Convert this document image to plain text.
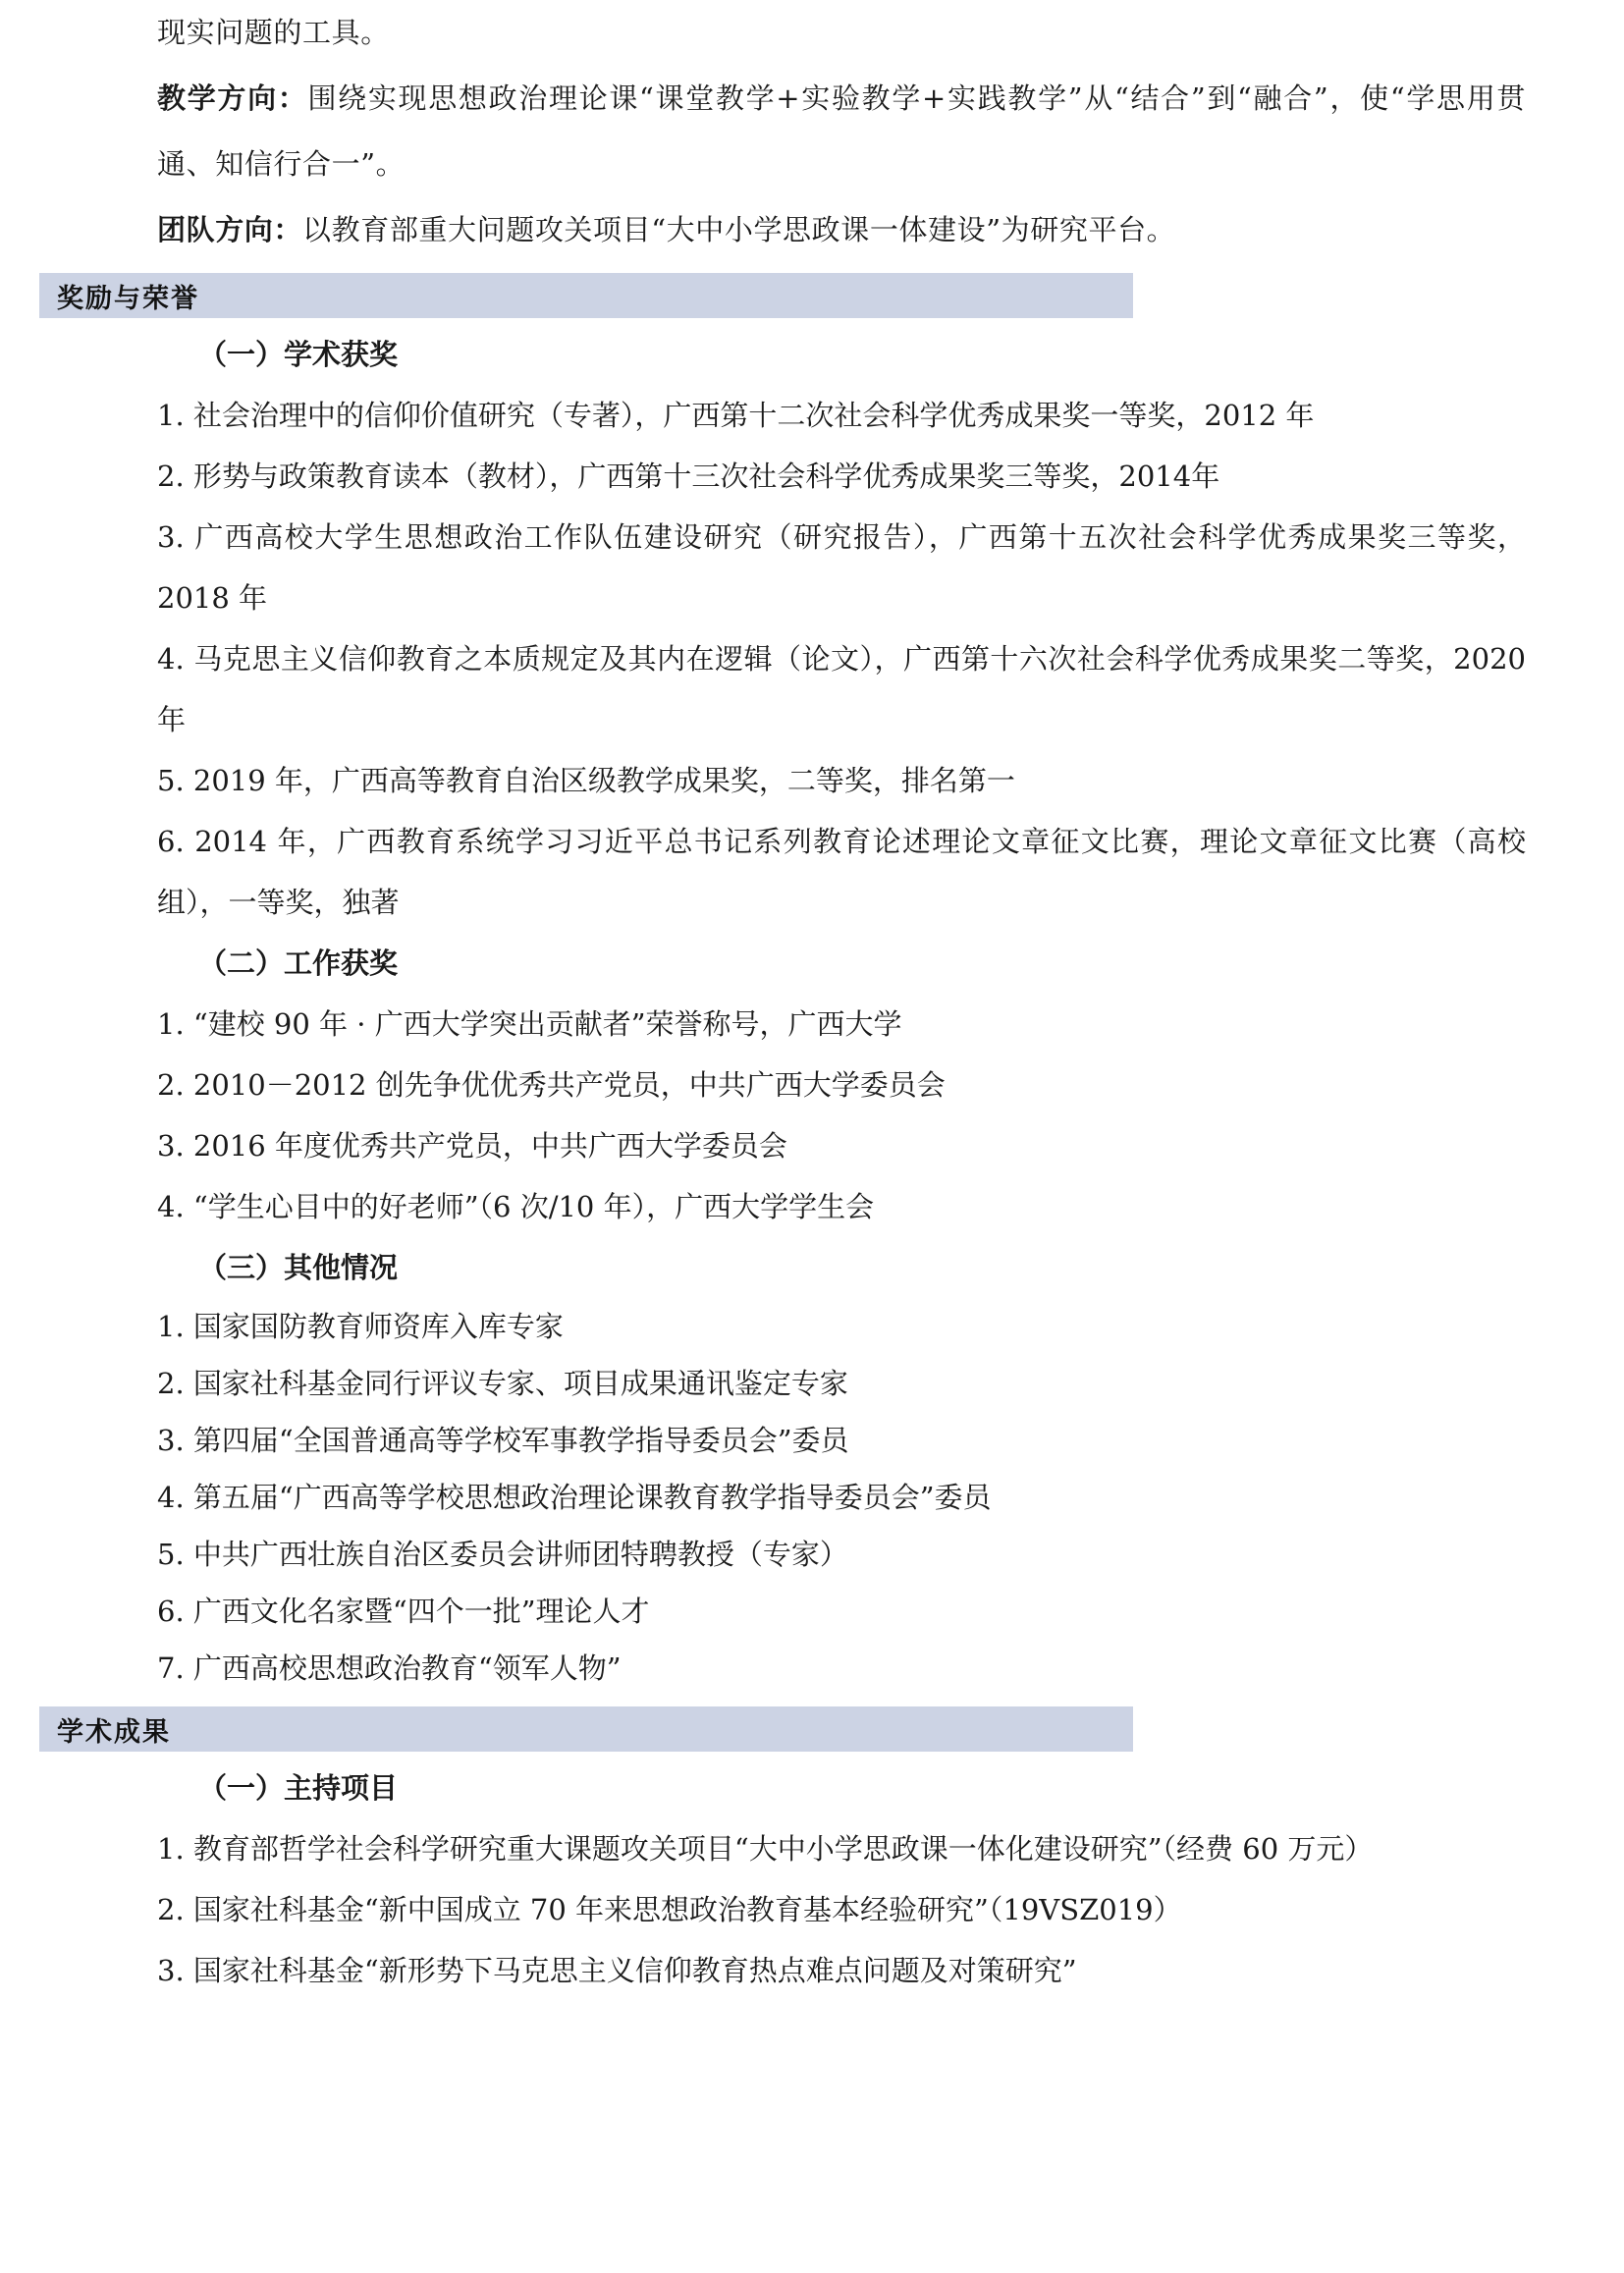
现实问题的工具。

教学方向：围绕实现思想政治理论课“课堂教学+实验教学+实践教学”从“结合”到“融合”，使“学思用贯通、知信行合一”。

团队方向：以教育部重大问题攻关项目“大中小学思政课一体建设”为研究平台。

奖励与荣誉

（一）学术获奖

1. 社会治理中的信仰价值研究（专著），广西第十二次社会科学优秀成果奖一等奖，2012 年

2. 形势与政策教育读本（教材），广西第十三次社会科学优秀成果奖三等奖，2014年

3. 广西高校大学生思想政治工作队伍建设研究（研究报告），广西第十五次社会科学优秀成果奖三等奖，2018 年

4. 马克思主义信仰教育之本质规定及其内在逻辑（论文），广西第十六次社会科学优秀成果奖二等奖，2020 年

5. 2019 年，广西高等教育自治区级教学成果奖，二等奖，排名第一

6. 2014 年，广西教育系统学习习近平总书记系列教育论述理论文章征文比赛，理论文章征文比赛（高校组），一等奖，独著

（二）工作获奖

1. “建校 90 年 · 广西大学突出贡献者”荣誉称号，广西大学

2. 2010－2012 创先争优优秀共产党员，中共广西大学委员会

3. 2016 年度优秀共产党员，中共广西大学委员会

4. “学生心目中的好老师”（6 次/10 年），广西大学学生会

（三）其他情况

1. 国家国防教育师资库入库专家

2. 国家社科基金同行评议专家、项目成果通讯鉴定专家

3. 第四届“全国普通高等学校军事教学指导委员会”委员

4. 第五届“广西高等学校思想政治理论课教育教学指导委员会”委员

5. 中共广西壮族自治区委员会讲师团特聘教授（专家）

6. 广西文化名家暨“四个一批”理论人才

7. 广西高校思想政治教育“领军人物”

学术成果

（一）主持项目

1. 教育部哲学社会科学研究重大课题攻关项目“大中小学思政课一体化建设研究”（经费 60 万元）

2. 国家社科基金“新中国成立 70 年来思想政治教育基本经验研究”（19VSZ019）

3. 国家社科基金“新形势下马克思主义信仰教育热点难点问题及对策研究”
